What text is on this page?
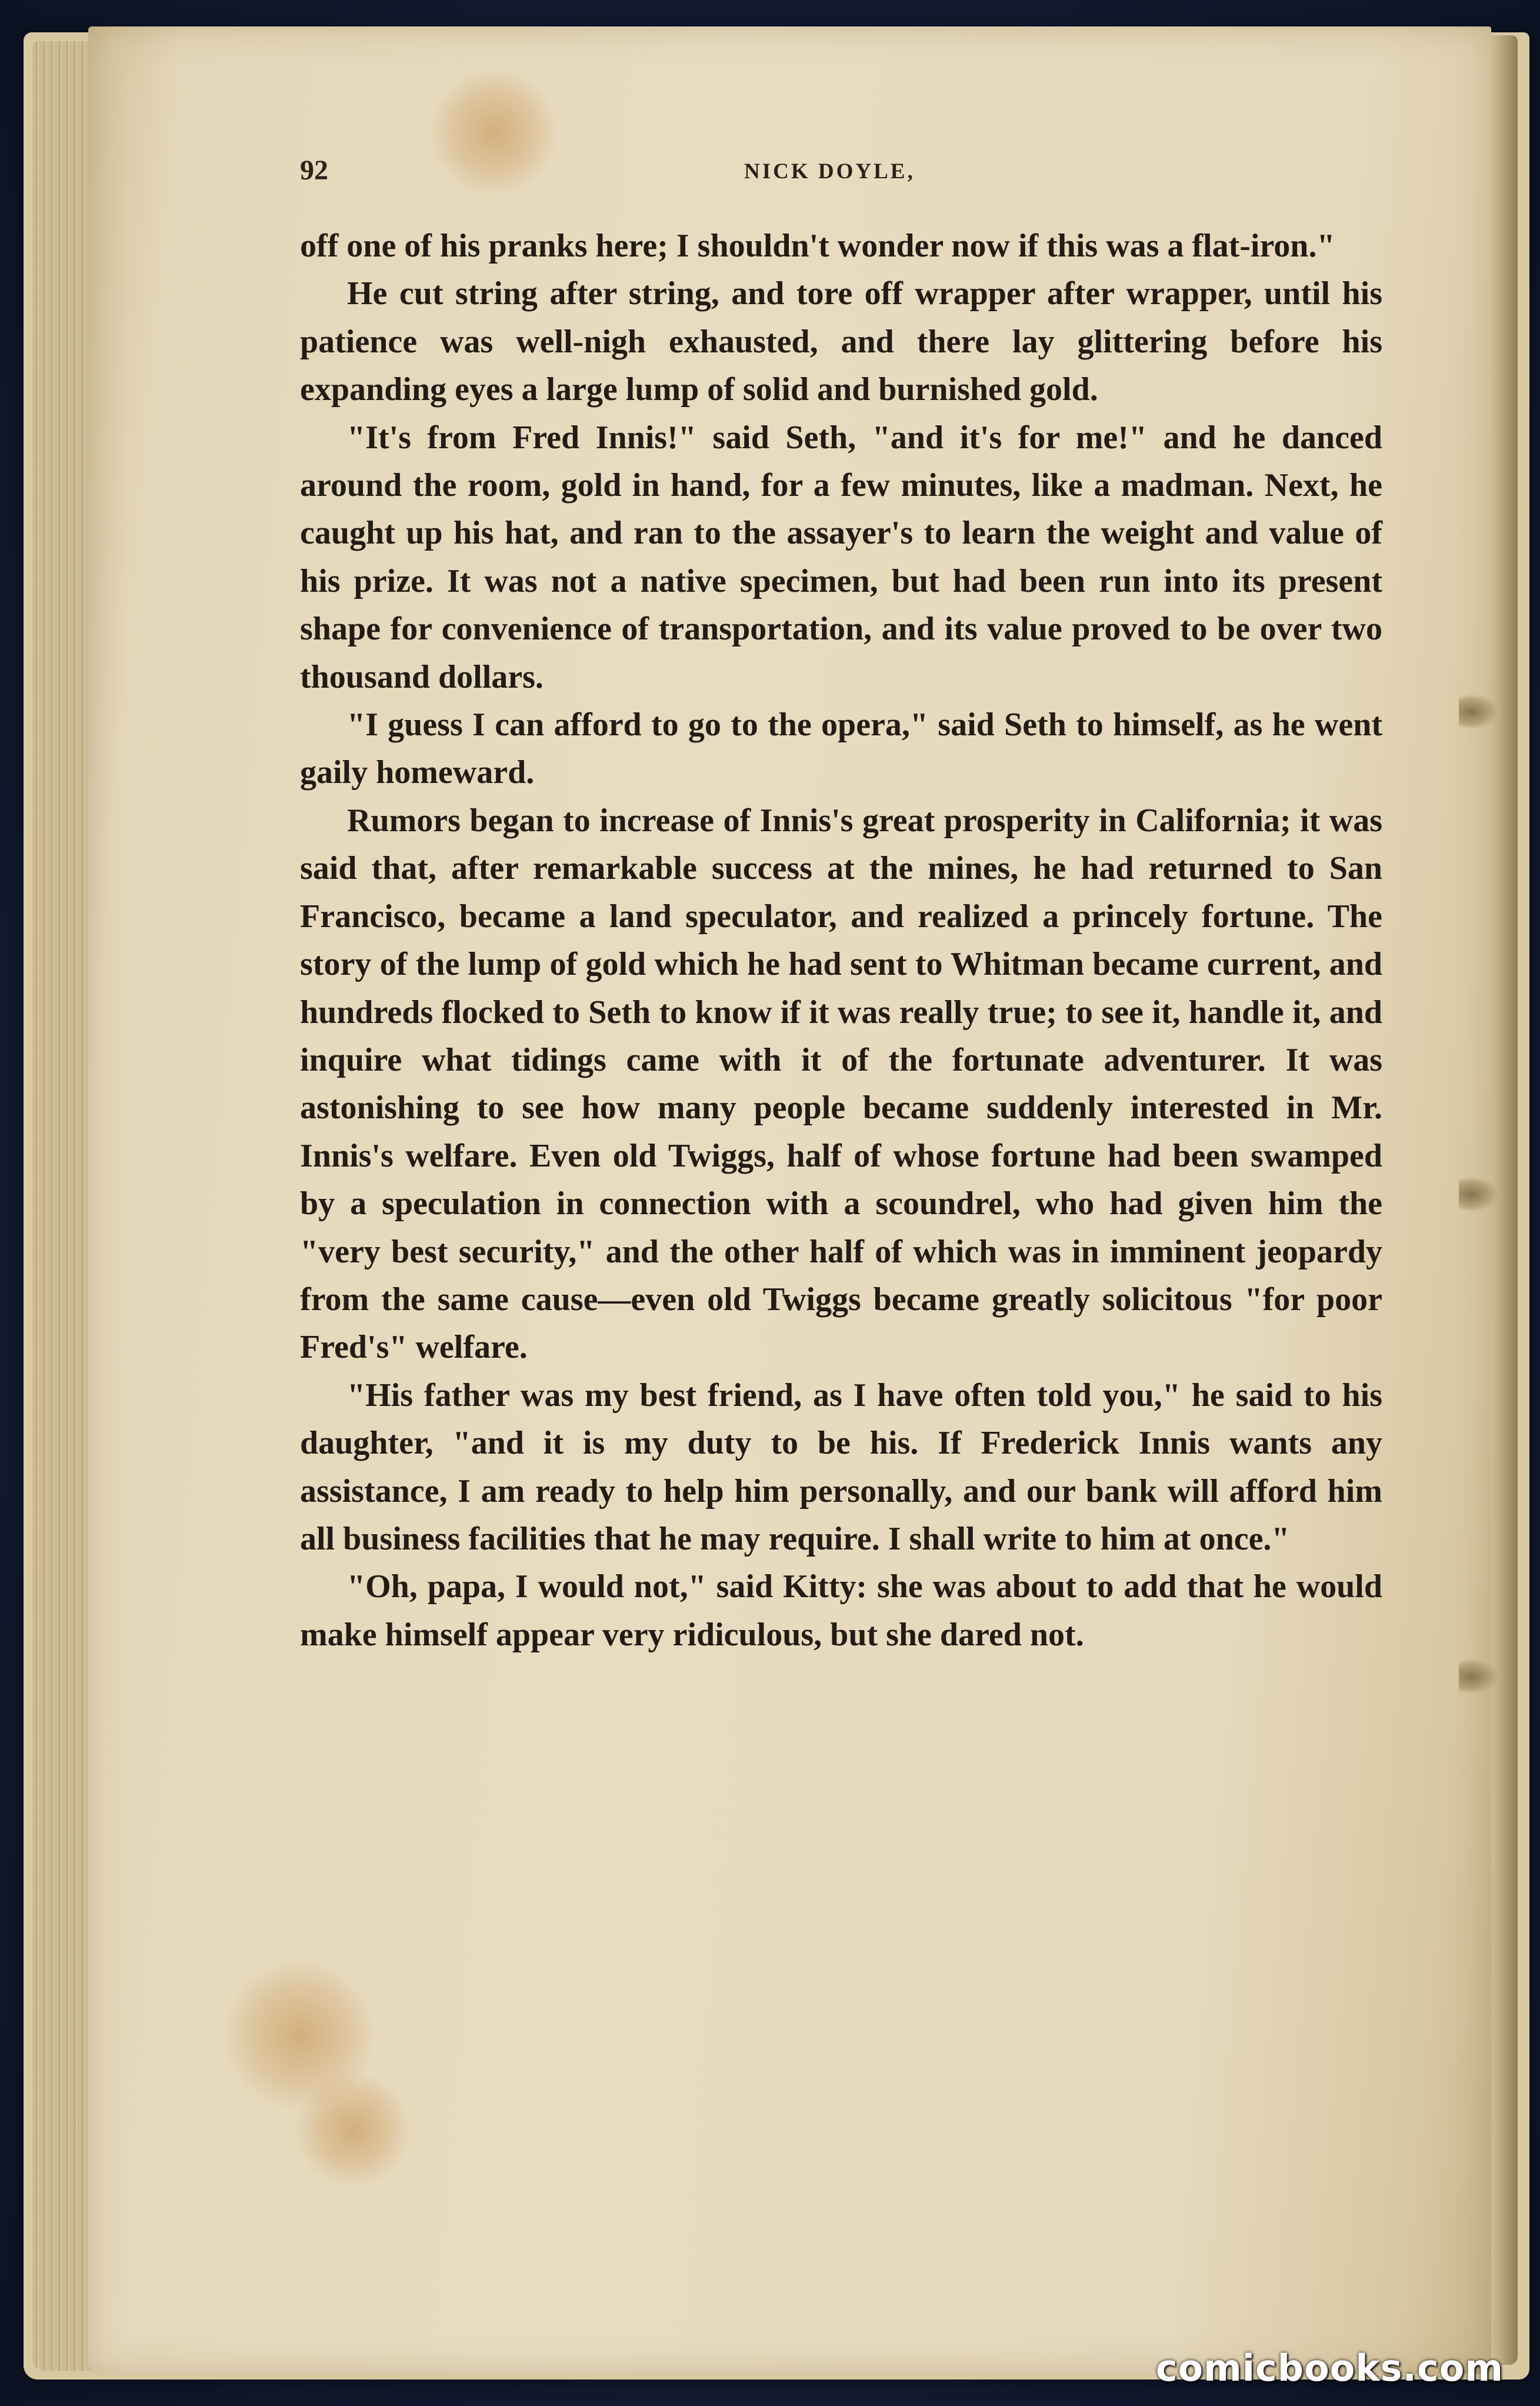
92	NICK DOYLE,

off one of his pranks here; I shouldn't wonder now if this was a flat-iron."

He cut string after string, and tore off wrapper after wrapper, until his patience was well-nigh exhausted, and there lay glittering before his expanding eyes a large lump of solid and burnished gold.

"It's from Fred Innis!" said Seth, "and it's for me!" and he danced around the room, gold in hand, for a few minutes, like a madman. Next, he caught up his hat, and ran to the assayer's to learn the weight and value of his prize. It was not a native specimen, but had been run into its present shape for convenience of transportation, and its value proved to be over two thousand dollars.

"I guess I can afford to go to the opera," said Seth to himself, as he went gaily homeward.

Rumors began to increase of Innis's great prosperity in California; it was said that, after remarkable success at the mines, he had returned to San Francisco, became a land speculator, and realized a princely fortune. The story of the lump of gold which he had sent to Whitman became current, and hundreds flocked to Seth to know if it was really true; to see it, handle it, and inquire what tidings came with it of the fortunate adventurer. It was astonishing to see how many people became suddenly interested in Mr. Innis's welfare. Even old Twiggs, half of whose fortune had been swamped by a speculation in connection with a scoundrel, who had given him the "very best security," and the other half of which was in imminent jeopardy from the same cause—even old Twiggs became greatly solicitous "for poor Fred's" welfare.

"His father was my best friend, as I have often told you," he said to his daughter, "and it is my duty to be his. If Frederick Innis wants any assistance, I am ready to help him personally, and our bank will afford him all business facilities that he may require. I shall write to him at once."

"Oh, papa, I would not," said Kitty: she was about to add that he would make himself appear very ridiculous, but she dared not.

comicbooks.com
